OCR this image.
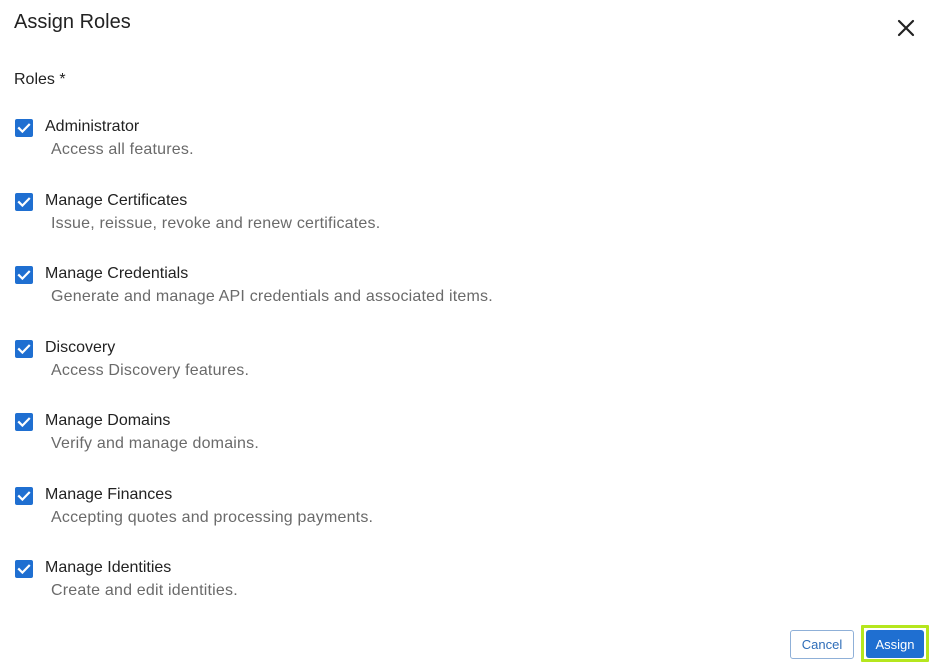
Assign Roles
Roles *
Administrator
Access all features.
Manage Certificates
Issue, reissue, revoke and renew certificates.
Manage Credentials
Generate and manage API credentials and associated items.
Discovery
Access Discovery features.
Manage Domains
Verify and manage domains.
Manage Finances
Accepting quotes and processing payments.
Manage Identities
Create and edit identities.
Cancel	Assign
